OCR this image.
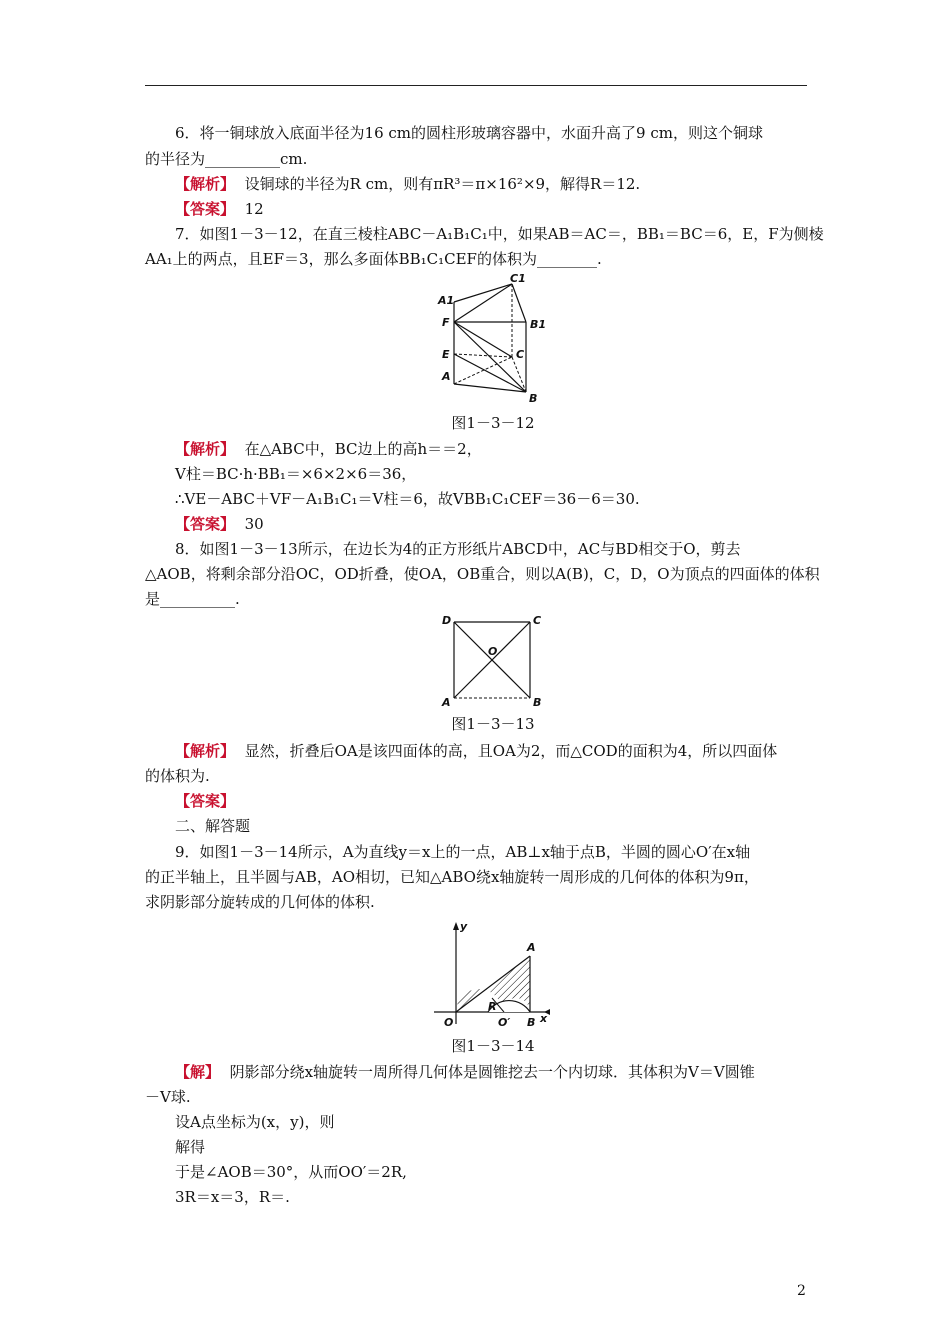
6．将一铜球放入底面半径为16 cm的圆柱形玻璃容器中，水面升高了9 cm，则这个铜球
的半径为__________cm.
【解析】 设铜球的半径为R cm，则有πR³＝π×16²×9，解得R＝12.
【答案】 12
7．如图1－3－12，在直三棱柱ABC－A₁B₁C₁中，如果AB＝AC＝，BB₁＝BC＝6，E，F为侧棱
AA₁上的两点，且EF＝3，那么多面体BB₁C₁CEF的体积为________.
C1
A1
F	B1
E	C
A
B
图1－3－12
【解析】 在△ABC中，BC边上的高h＝＝2，
V柱＝BC·h·BB₁＝×6×2×6＝36，
∴VE－ABC＋VF－A₁B₁C₁＝V柱＝6，故VBB₁C₁CEF＝36－6＝30.
【答案】 30
8．如图1－3－13所示，在边长为4的正方形纸片ABCD中，AC与BD相交于O，剪去
△AOB，将剩余部分沿OC，OD折叠，使OA，OB重合，则以A(B)，C，D，O为顶点的四面体的体积
是__________.
D	C
O
A	B
图1－3－13
【解析】 显然，折叠后OA是该四面体的高，且OA为2，而△COD的面积为4，所以四面体
的体积为.
【答案】
二、解答题
9．如图1－3－14所示，A为直线y＝x上的一点，AB⊥x轴于点B，半圆的圆心O′在x轴
的正半轴上，且半圆与AB，AO相切，已知△ABO绕x轴旋转一周形成的几何体的体积为9π，
求阴影部分旋转成的几何体的体积.
y
A
R
O	O′ B x
图1－3－14
【解】 阴影部分绕x轴旋转一周所得几何体是圆锥挖去一个内切球．其体积为V＝V圆锥
－V球.
设A点坐标为(x，y)，则
解得
于是∠AOB＝30°，从而OO′＝2R,
3R＝x＝3，R＝.
2
